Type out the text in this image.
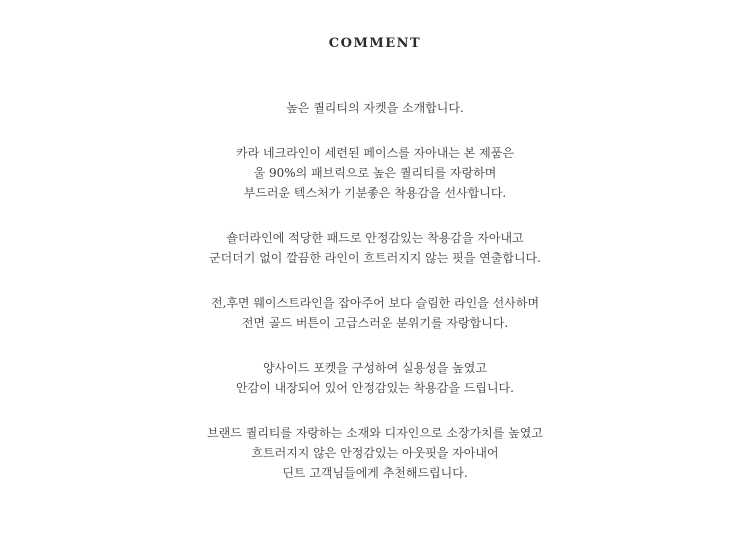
COMMENT
높은 퀄리티의 자켓을 소개합니다.
카라 네크라인이 세련된 페이스를 자아내는 본 제품은
울 90%의 패브릭으로 높은 퀄리티를 자랑하며
부드러운 텍스처가 기분좋은 착용감을 선사합니다.
숄더라인에 적당한 패드로 안정감있는 착용감을 자아내고
군더더기 없이 깔끔한 라인이 흐트러지지 않는 핏을 연출합니다.
전,후면 웨이스트라인을 잡아주어 보다 슬림한 라인을 선사하며
전면 골드 버튼이 고급스러운 분위기를 자랑합니다.
양사이드 포켓을 구성하여 실용성을 높였고
안감이 내장되어 있어 안정감있는 착용감을 드립니다.
브랜드 퀄리티를 자랑하는 소재와 디자인으로 소장가치를 높였고
흐트러지지 않은 안정감있는 아웃핏을 자아내어
딘트 고객님들에게 추천해드립니다.
